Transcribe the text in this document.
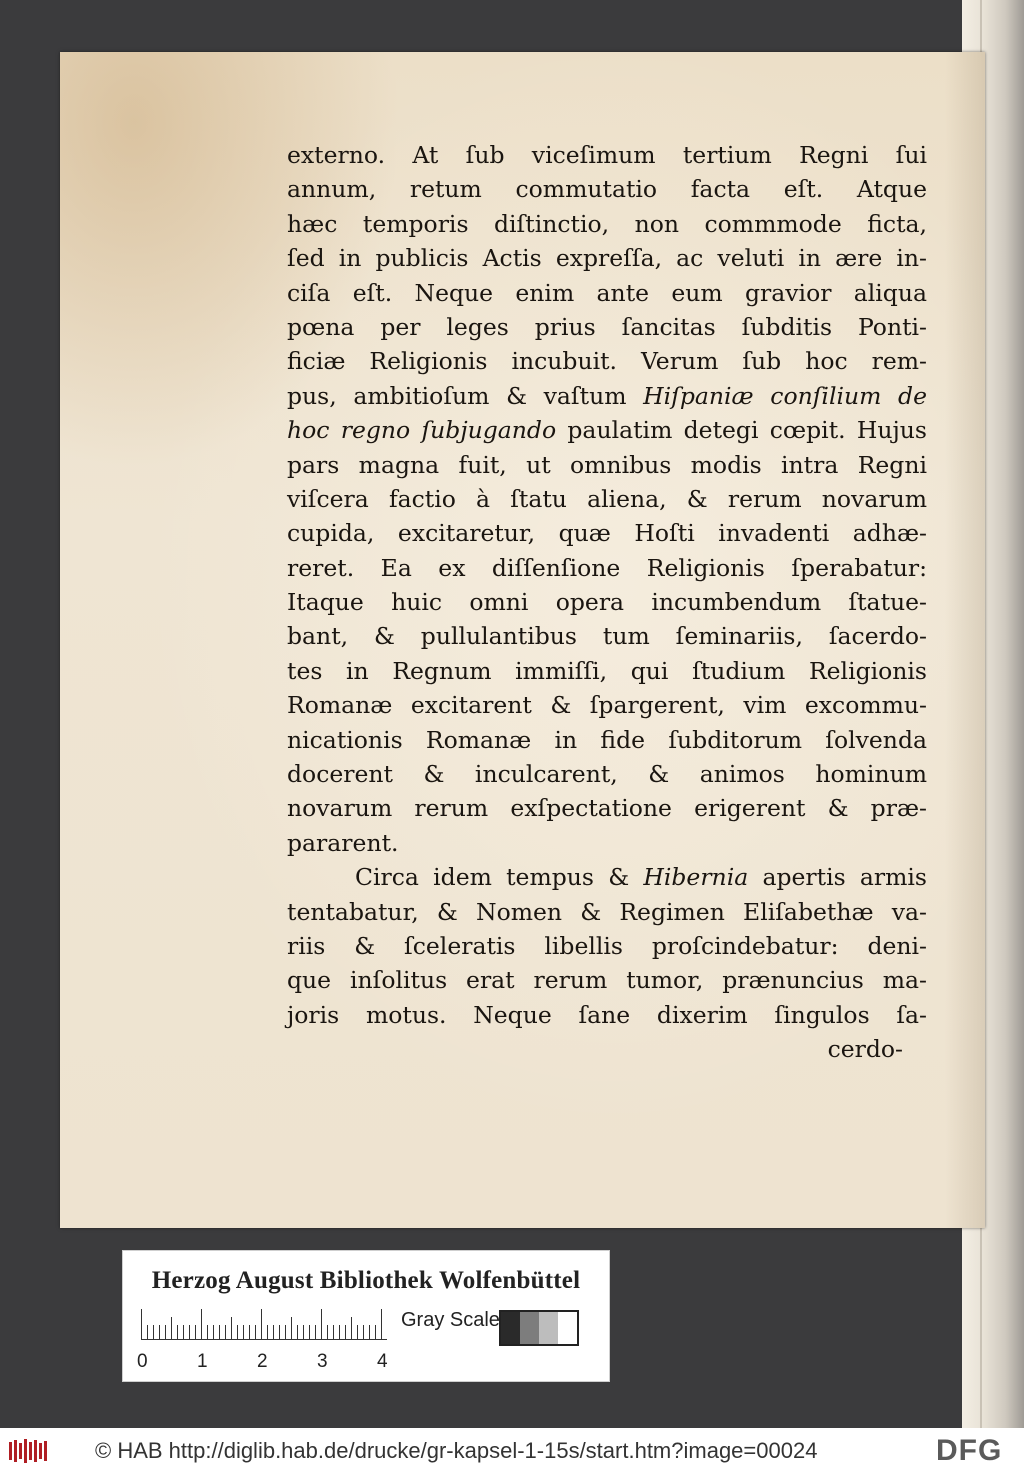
externo. At ſub viceſimum tertium Regni ſui
annum, retum commutatio facta eſt. Atque
hæc temporis diſtinctio, non commmode ficta,
ſed in publicis Actis expreſſa, ac veluti in ære in-
ciſa eſt. Neque enim ante eum gravior aliqua
pœna per leges prius ſancitas ſubditis Ponti-
ficiæ Religionis incubuit. Verum ſub hoc rem-
pus, ambitioſum & vaſtum Hiſpaniæ conſilium de
hoc regno ſubjugando paulatim detegi cœpit. Hujus
pars magna fuit, ut omnibus modis intra Regni
viſcera factio à ſtatu aliena, & rerum novarum
cupida, excitaretur, quæ Hoſti invadenti adhæ-
reret. Ea ex diſſenſione Religionis ſperabatur:
Itaque huic omni opera incumbendum ſtatue-
bant, & pullulantibus tum ſeminariis, ſacerdo-
tes in Regnum immiſſi, qui ſtudium Religionis
Romanæ excitarent & ſpargerent, vim excommu-
nicationis Romanæ in fide ſubditorum ſolvenda
docerent & inculcarent, & animos hominum
novarum rerum exſpectatione erigerent & præ-
pararent.
Circa idem tempus & Hibernia apertis armis
tentabatur, & Nomen & Regimen Eliſabethæ va-
riis & ſceleratis libellis proſcindebatur: deni-
que inſolitus erat rerum tumor, prænuncius ma-
joris motus. Neque ſane dixerim ſingulos ſa-
cerdo-
Herzog August Bibliothek Wolfenbüttel
0	1	2	3	4
Gray Scale
© HAB http://diglib.hab.de/drucke/gr-kapsel-1-15s/start.htm?image=00024	DFG
